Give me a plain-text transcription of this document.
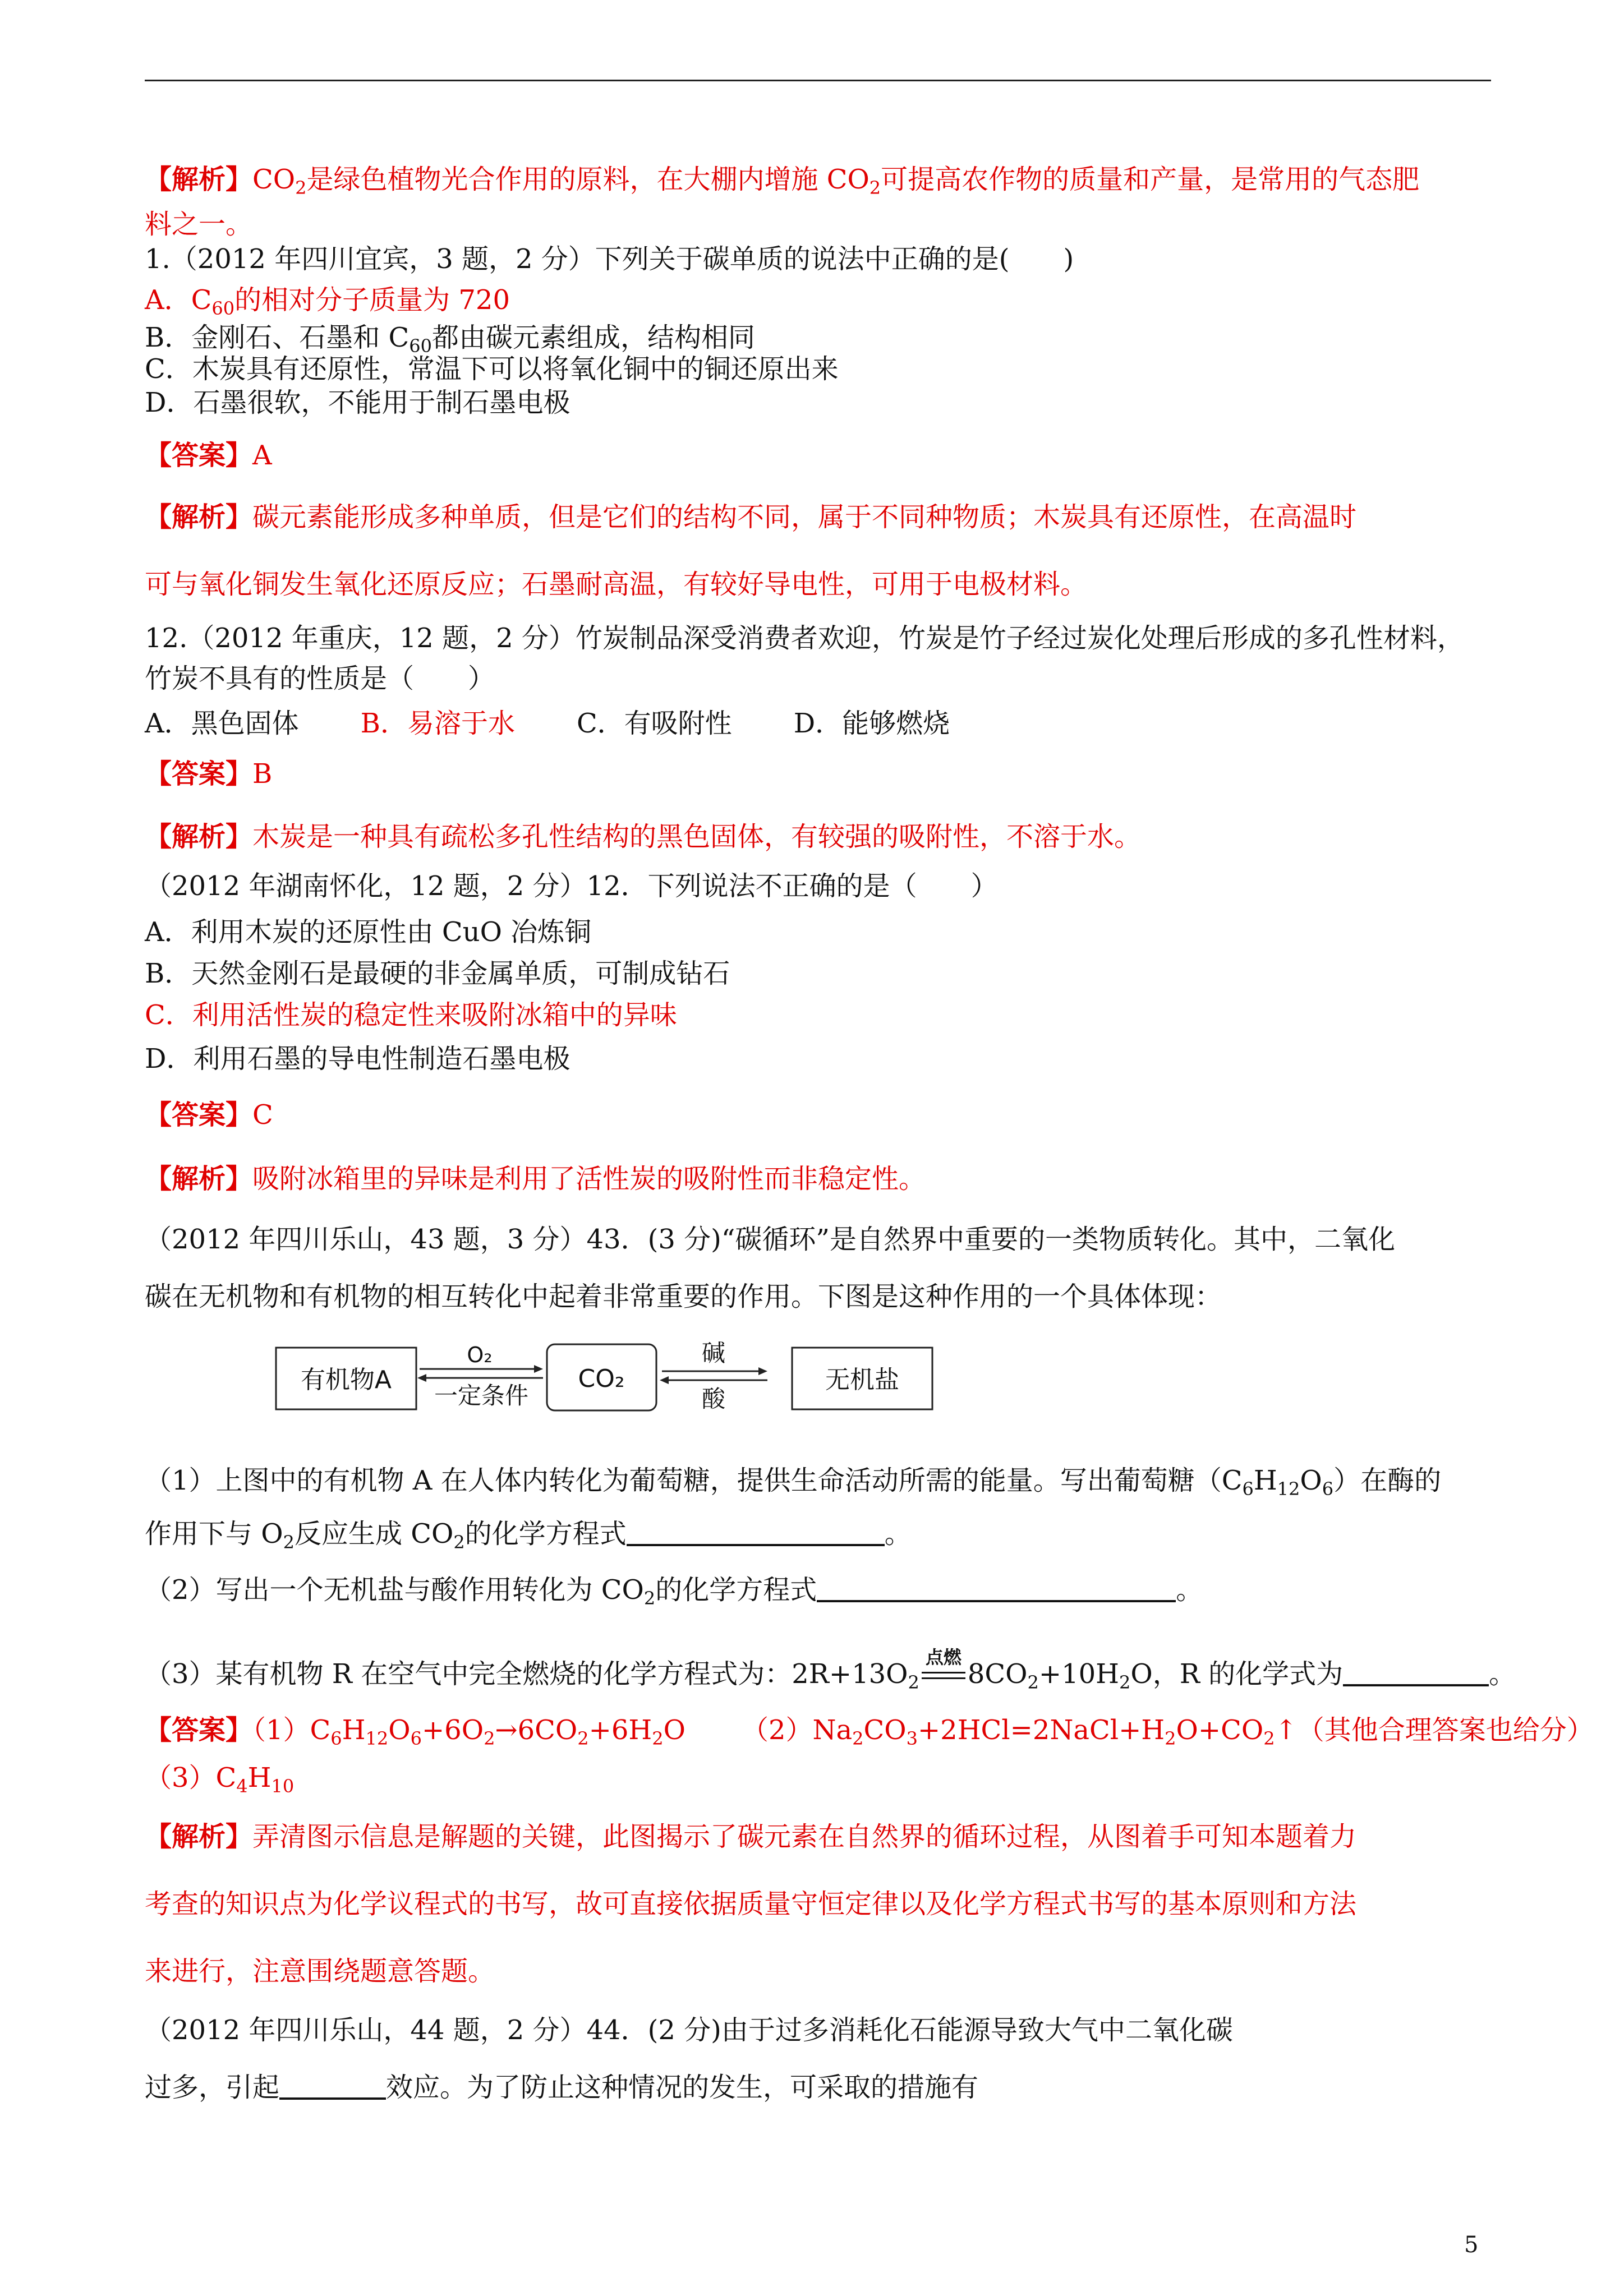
【解析】$CO_2$是绿色植物光合作用的原料，在大棚内增施 $CO_2$可提高农作物的质量和产量，是常用的气态肥
料之一。
1.（2012 年四川宜宾，3 题，2 分）下列关于碳单质的说法中正确的是(　　)
A．$C_{60}$的相对分子质量为 720
B．金刚石、石墨和 $C_{60}$都由碳元素组成，结构相同
C．木炭具有还原性，常温下可以将氧化铜中的铜还原出来
D．石墨很软，不能用于制石墨电极
【答案】A
【解析】碳元素能形成多种单质，但是它们的结构不同，属于不同种物质；木炭具有还原性，在高温时
可与氧化铜发生氧化还原反应；石墨耐高温，有较好导电性，可用于电极材料。
12.（2012 年重庆，12 题，2 分）竹炭制品深受消费者欢迎，竹炭是竹子经过炭化处理后形成的多孔性材料，
竹炭不具有的性质是（　　）
A．黑色固体 B．易溶于水 C．有吸附性 D．能够燃烧
【答案】B
【解析】木炭是一种具有疏松多孔性结构的黑色固体，有较强的吸附性，不溶于水。
（2012 年湖南怀化，12 题，2 分）12．下列说法不正确的是（　　）
A．利用木炭的还原性由 CuO 冶炼铜
B．天然金刚石是最硬的非金属单质，可制成钻石
C．利用活性炭的稳定性来吸附冰箱中的异味
D．利用石墨的导电性制造石墨电极
【答案】C
【解析】吸附冰箱里的异味是利用了活性炭的吸附性而非稳定性。
（2012 年四川乐山，43 题，3 分）43．(3 分)“碳循环”是自然界中重要的一类物质转化。其中，二氧化
碳在无机物和有机物的相互转化中起着非常重要的作用。下图是这种作用的一个具体体现：
有机物A
O₂
一定条件
CO₂
碱
酸
无机盐
（1）上图中的有机物 A 在人体内转化为葡萄糖，提供生命活动所需的能量。写出葡萄糖$(C_6H_{12}O_6)$在酶的
作用下与 $O_2$反应生成 $CO_2$的化学方程式	。
（2）写出一个无机盐与酸作用转化为 $CO_2$的化学方程式	。
（3）某有机物 R 在空气中完全燃烧的化学方程式为：$2R+13O_2$
点燃
$8CO_2+10H_2O$，R 的化学式为	。
【答案】$(1)C_6H_{12}O_6+6O_2\to 6CO_2+6H_2O$ $(2)Na_2CO_3+2HCl=2NaCl+H_2O+CO_2↑$（其他合理答案也给分）
$(3)C_4H_{10}$
【解析】弄清图示信息是解题的关键，此图揭示了碳元素在自然界的循环过程，从图着手可知本题着力
考查的知识点为化学议程式的书写，故可直接依据质量守恒定律以及化学方程式书写的基本原则和方法
来进行，注意围绕题意答题。
（2012 年四川乐山，44 题，2 分）44．(2 分)由于过多消耗化石能源导致大气中二氧化碳
过多，引起	效应。为了防止这种情况的发生，可采取的措施有
5
